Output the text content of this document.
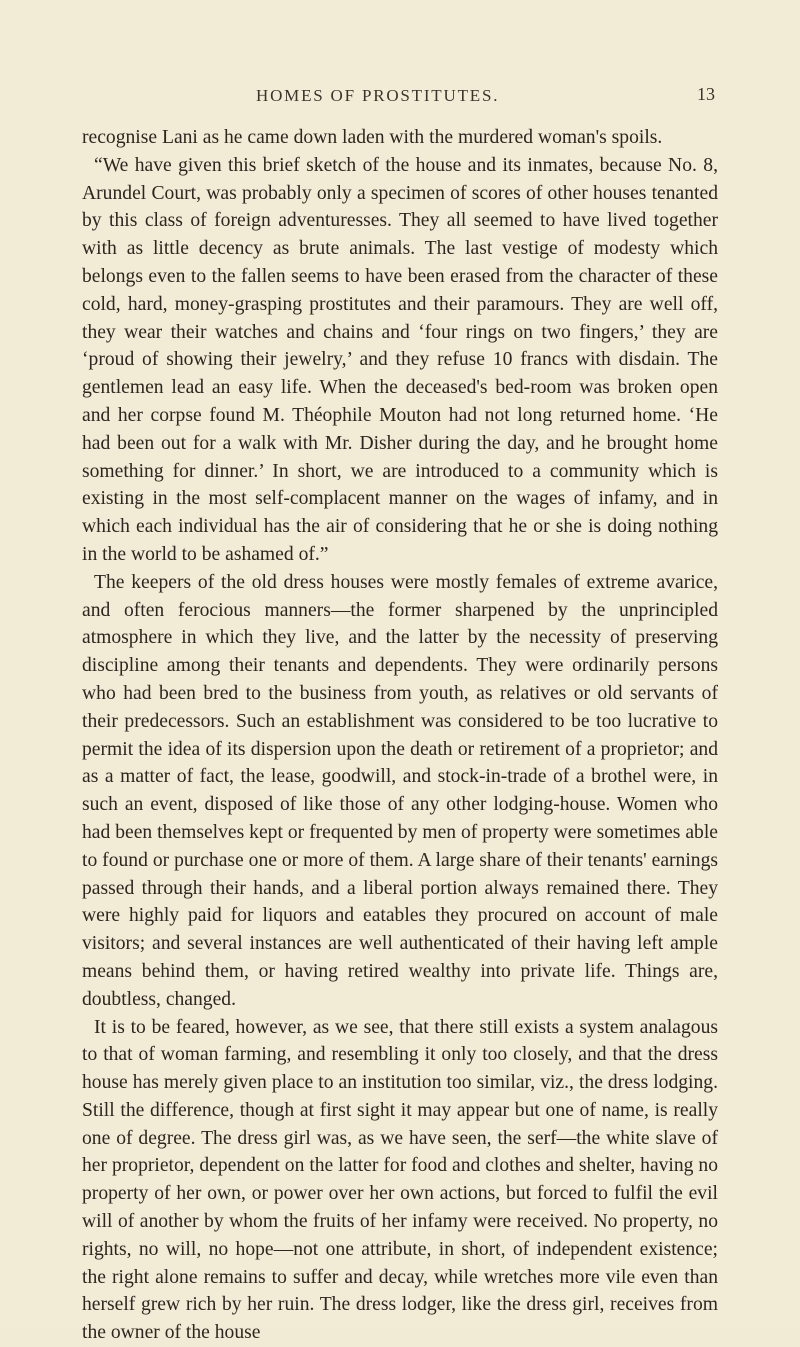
HOMES OF PROSTITUTES.	13

recognise Lani as he came down laden with the murdered woman's spoils.

“We have given this brief sketch of the house and its inmates, because No. 8, Arundel Court, was probably only a specimen of scores of other houses tenanted by this class of foreign adventuresses. They all seemed to have lived together with as little decency as brute animals. The last vestige of modesty which belongs even to the fallen seems to have been erased from the character of these cold, hard, money-grasping prostitutes and their paramours. They are well off, they wear their watches and chains and ‘four rings on two fingers,’ they are ‘proud of showing their jewelry,’ and they refuse 10 francs with disdain. The gentlemen lead an easy life. When the deceased's bed-room was broken open and her corpse found M. Théophile Mouton had not long returned home. ‘He had been out for a walk with Mr. Disher during the day, and he brought home something for dinner.’ In short, we are introduced to a community which is existing in the most self-complacent manner on the wages of infamy, and in which each individual has the air of considering that he or she is doing nothing in the world to be ashamed of.”

The keepers of the old dress houses were mostly females of extreme avarice, and often ferocious manners—the former sharpened by the unprincipled atmosphere in which they live, and the latter by the necessity of preserving discipline among their tenants and dependents. They were ordinarily persons who had been bred to the business from youth, as relatives or old servants of their predecessors. Such an establishment was considered to be too lucrative to permit the idea of its dispersion upon the death or retirement of a proprietor; and as a matter of fact, the lease, goodwill, and stock-in-trade of a brothel were, in such an event, disposed of like those of any other lodging-house. Women who had been themselves kept or frequented by men of property were sometimes able to found or purchase one or more of them. A large share of their tenants' earnings passed through their hands, and a liberal portion always remained there. They were highly paid for liquors and eatables they procured on account of male visitors; and several instances are well authenticated of their having left ample means behind them, or having retired wealthy into private life. Things are, doubtless, changed.

It is to be feared, however, as we see, that there still exists a system analagous to that of woman farming, and resembling it only too closely, and that the dress house has merely given place to an institution too similar, viz., the dress lodging. Still the difference, though at first sight it may appear but one of name, is really one of degree. The dress girl was, as we have seen, the serf—the white slave of her proprietor, dependent on the latter for food and clothes and shelter, having no property of her own, or power over her own actions, but forced to fulfil the evil will of another by whom the fruits of her infamy were received. No property, no rights, no will, no hope—not one attribute, in short, of independent existence; the right alone remains to suffer and decay, while wretches more vile even than herself grew rich by her ruin. The dress lodger, like the dress girl, receives from the owner of the house
